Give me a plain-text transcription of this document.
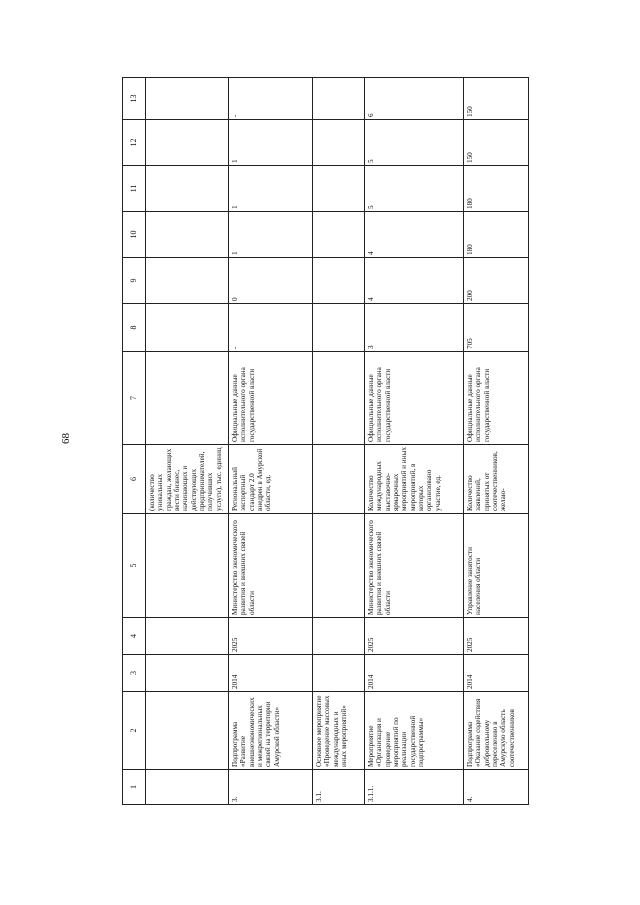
68
1	2	3	4	5	6	7	8	9	10	11	12	13
					(количество уникальных граждан, желающих вести бизнес, начинающих и действующих предпринимателей, получивших услуги), тыс. единиц							
3.	Подпрограмма «Развитие внешнеэкономических и межрегиональных связей на территории Амурской области»	2014	2025	Министерство экономического развития и внешних связей области	Региональный экспортный стандарт 2.0 внедрен в Амурской области, ед.	Официальные данные исполнительного органа государственной власти	-	0	1	1	1	-
3.1.	Основное мероприятие «Проведение массовых международных и иных мероприятий»											
3.1.1.	Мероприятие «Организация и проведение мероприятий по реализации государственной подпрограммы»	2014	2025	Министерство экономического развития и внешних связей области	Количество международных выставочно-ярмарочных мероприятий и иных мероприятий, в которых организовано участие, ед.	Официальные данные исполнительного органа государственной власти	3	4	4	5	5	6
4.	Подпрограмма «Оказание содействия добровольному переселению в Амурскую область соотечественников	2014	2025	Управление занятости населения области	Количество заявлений, принятых от соотечественников, желаю-	Официальные данные исполнительного органа государственной власти	705	200	180	180	150	150
